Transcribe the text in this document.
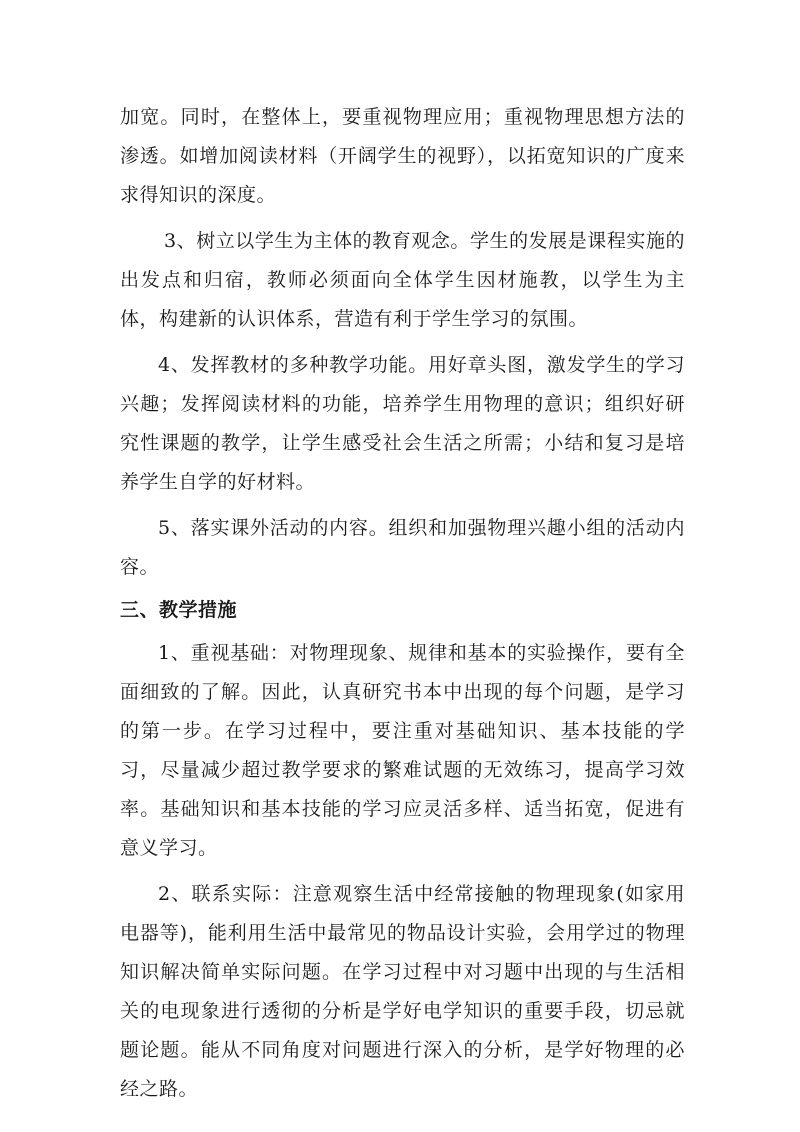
加宽。同时，在整体上，要重视物理应用；重视物理思想方法的渗透。如增加阅读材料（开阔学生的视野），以拓宽知识的广度来求得知识的深度。

3、树立以学生为主体的教育观念。学生的发展是课程实施的出发点和归宿，教师必须面向全体学生因材施教，以学生为主体，构建新的认识体系，营造有利于学生学习的氛围。

4、发挥教材的多种教学功能。用好章头图，激发学生的学习兴趣；发挥阅读材料的功能，培养学生用物理的意识；组织好研究性课题的教学，让学生感受社会生活之所需；小结和复习是培养学生自学的好材料。

5、落实课外活动的内容。组织和加强物理兴趣小组的活动内容。

三、教学措施

1、重视基础：对物理现象、规律和基本的实验操作，要有全面细致的了解。因此，认真研究书本中出现的每个问题，是学习的第一步。在学习过程中，要注重对基础知识、基本技能的学习，尽量减少超过教学要求的繁难试题的无效练习，提高学习效率。基础知识和基本技能的学习应灵活多样、适当拓宽，促进有意义学习。

2、联系实际：注意观察生活中经常接触的物理现象(如家用电器等)，能利用生活中最常见的物品设计实验，会用学过的物理知识解决简单实际问题。在学习过程中对习题中出现的与生活相关的电现象进行透彻的分析是学好电学知识的重要手段，切忌就题论题。能从不同角度对问题进行深入的分析，是学好物理的必经之路。
